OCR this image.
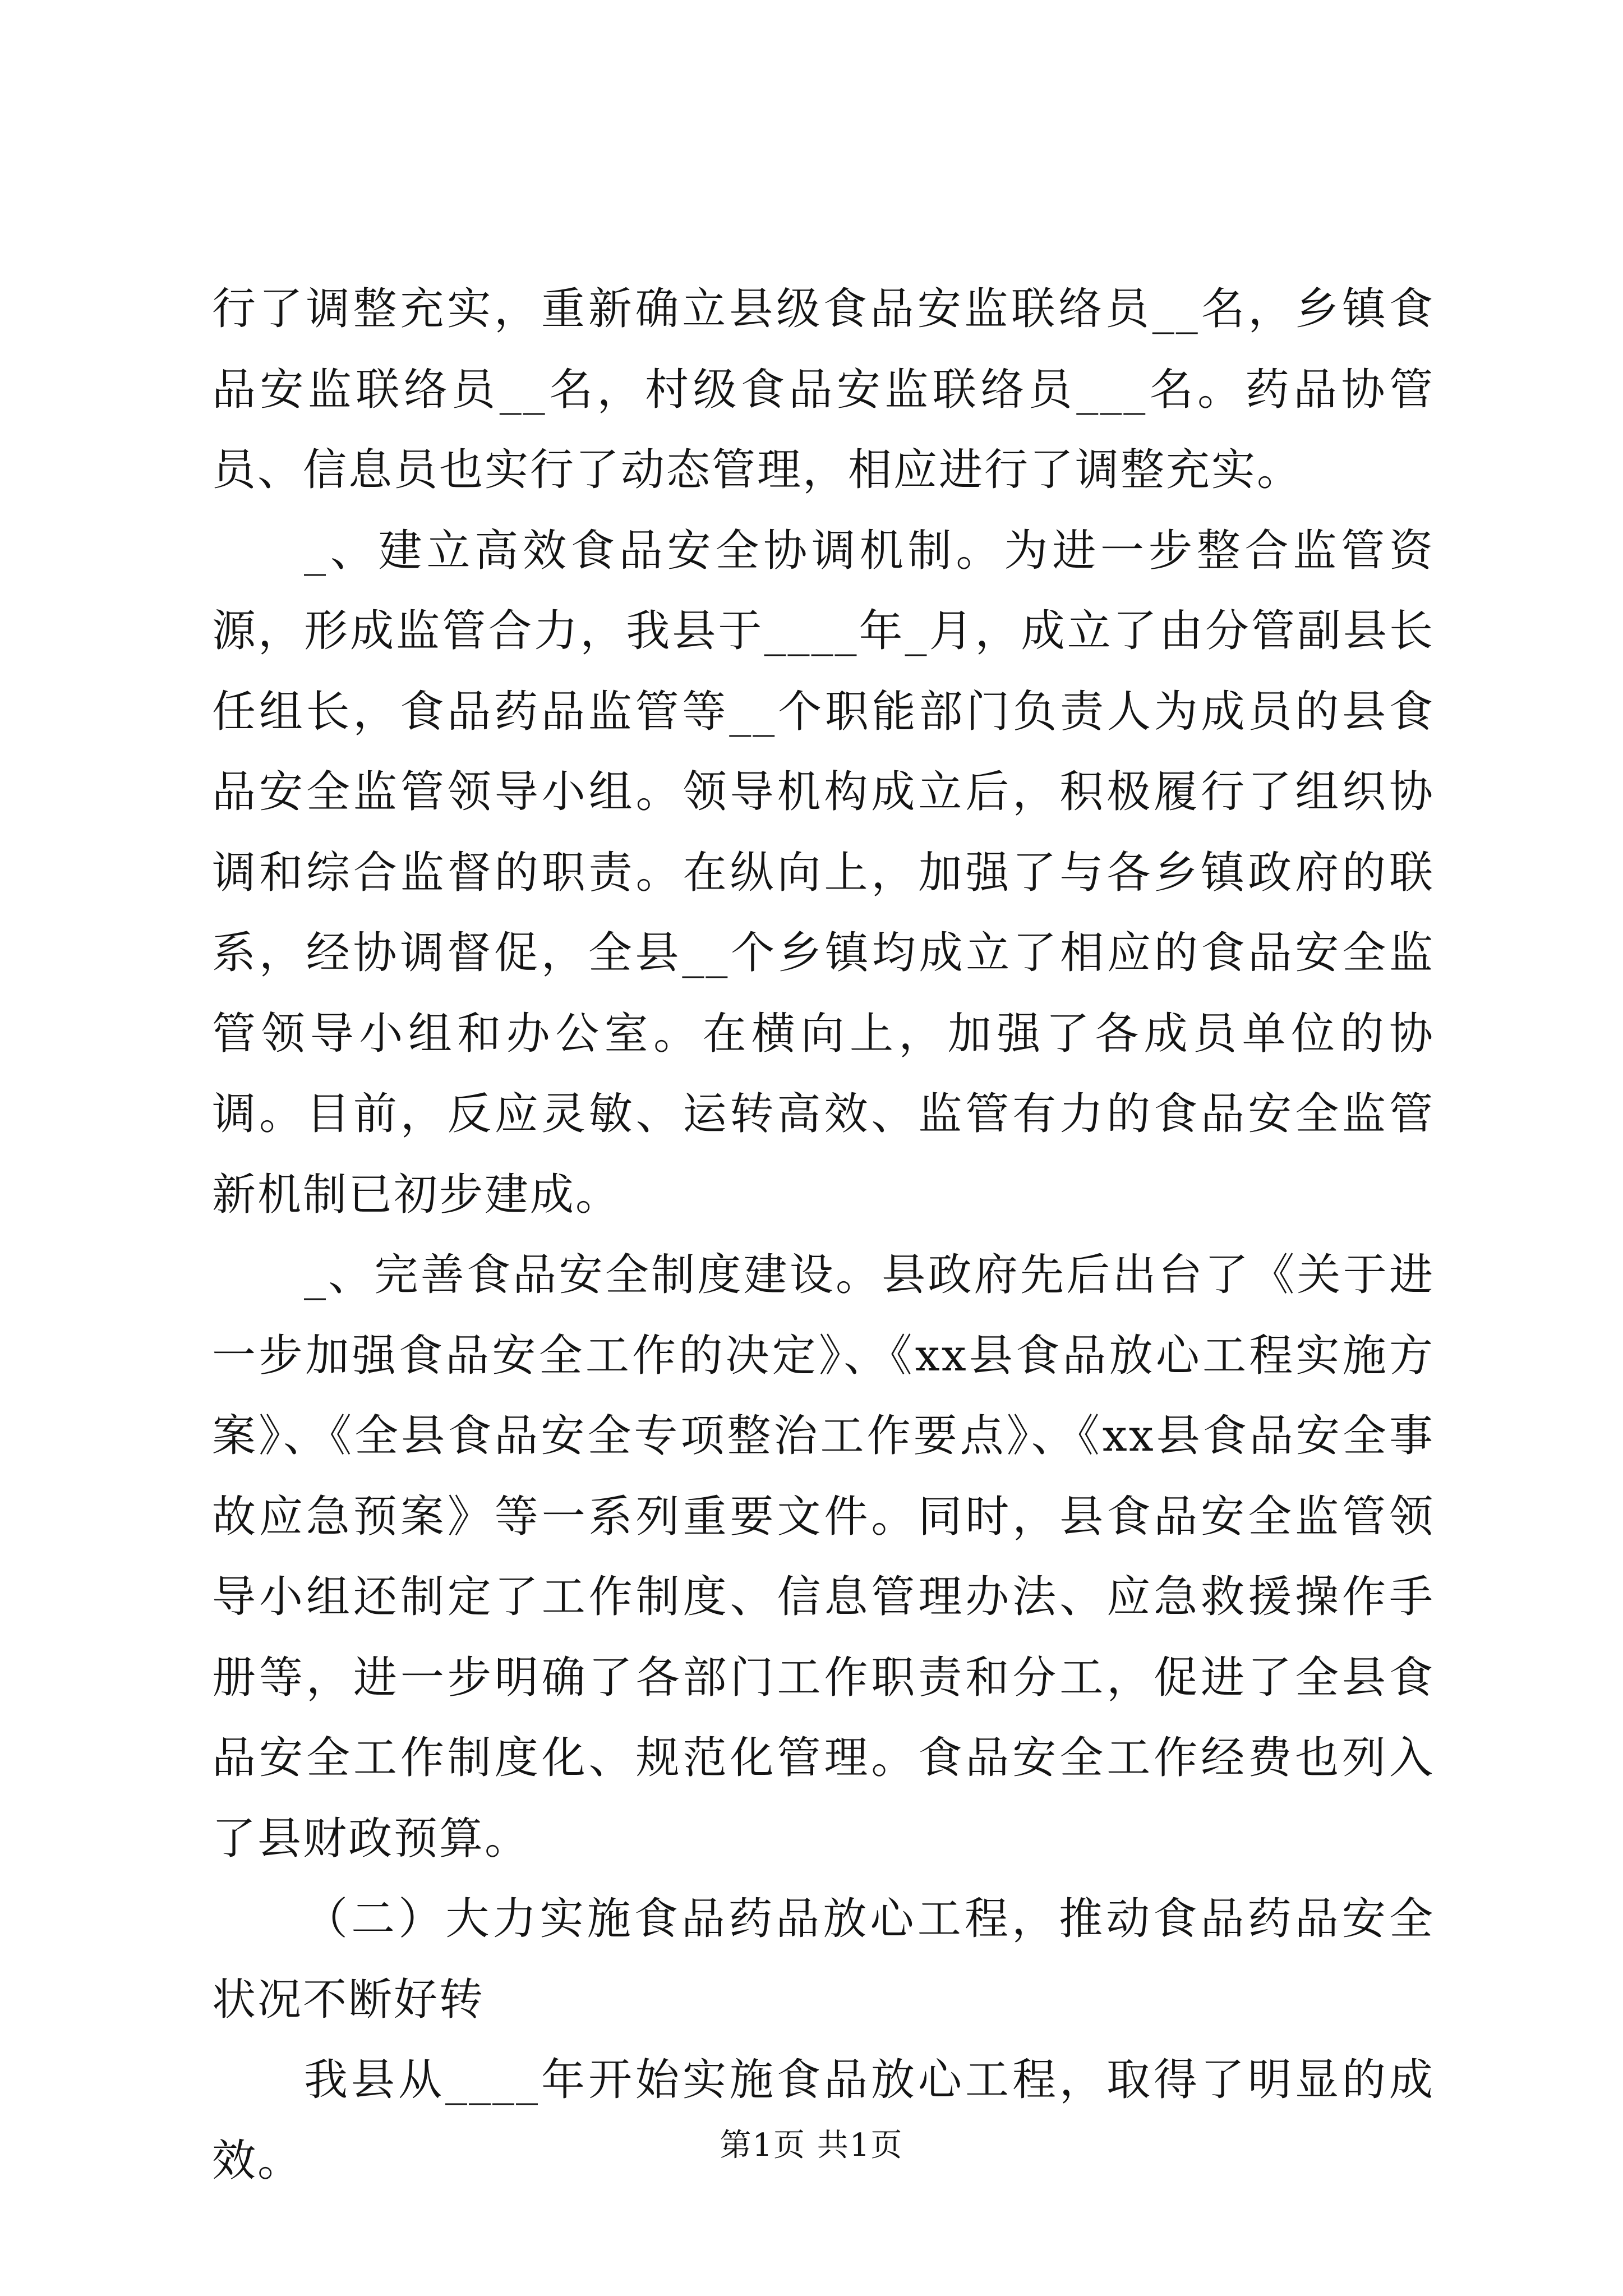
行了调整充实，重新确立县级食品安监联络员__名，乡镇食品安监联络员__名，村级食品安监联络员___名。药品协管员、信息员也实行了动态管理，相应进行了调整充实。

_、建立高效食品安全协调机制。为进一步整合监管资源，形成监管合力，我县于____年_月，成立了由分管副县长任组长，食品药品监管等__个职能部门负责人为成员的县食品安全监管领导小组。领导机构成立后，积极履行了组织协调和综合监督的职责。在纵向上，加强了与各乡镇政府的联系，经协调督促，全县__个乡镇均成立了相应的食品安全监管领导小组和办公室。在横向上，加强了各成员单位的协调。目前，反应灵敏、运转高效、监管有力的食品安全监管新机制已初步建成。

_、完善食品安全制度建设。县政府先后出台了《关于进一步加强食品安全工作的决定》、《xx县食品放心工程实施方案》、《全县食品安全专项整治工作要点》、《xx县食品安全事故应急预案》等一系列重要文件。同时，县食品安全监管领导小组还制定了工作制度、信息管理办法、应急救援操作手册等，进一步明确了各部门工作职责和分工，促进了全县食品安全工作制度化、规范化管理。食品安全工作经费也列入了县财政预算。

（二）大力实施食品药品放心工程，推动食品药品安全状况不断好转

我县从____年开始实施食品放心工程，取得了明显的成效。	第1页 共1页
